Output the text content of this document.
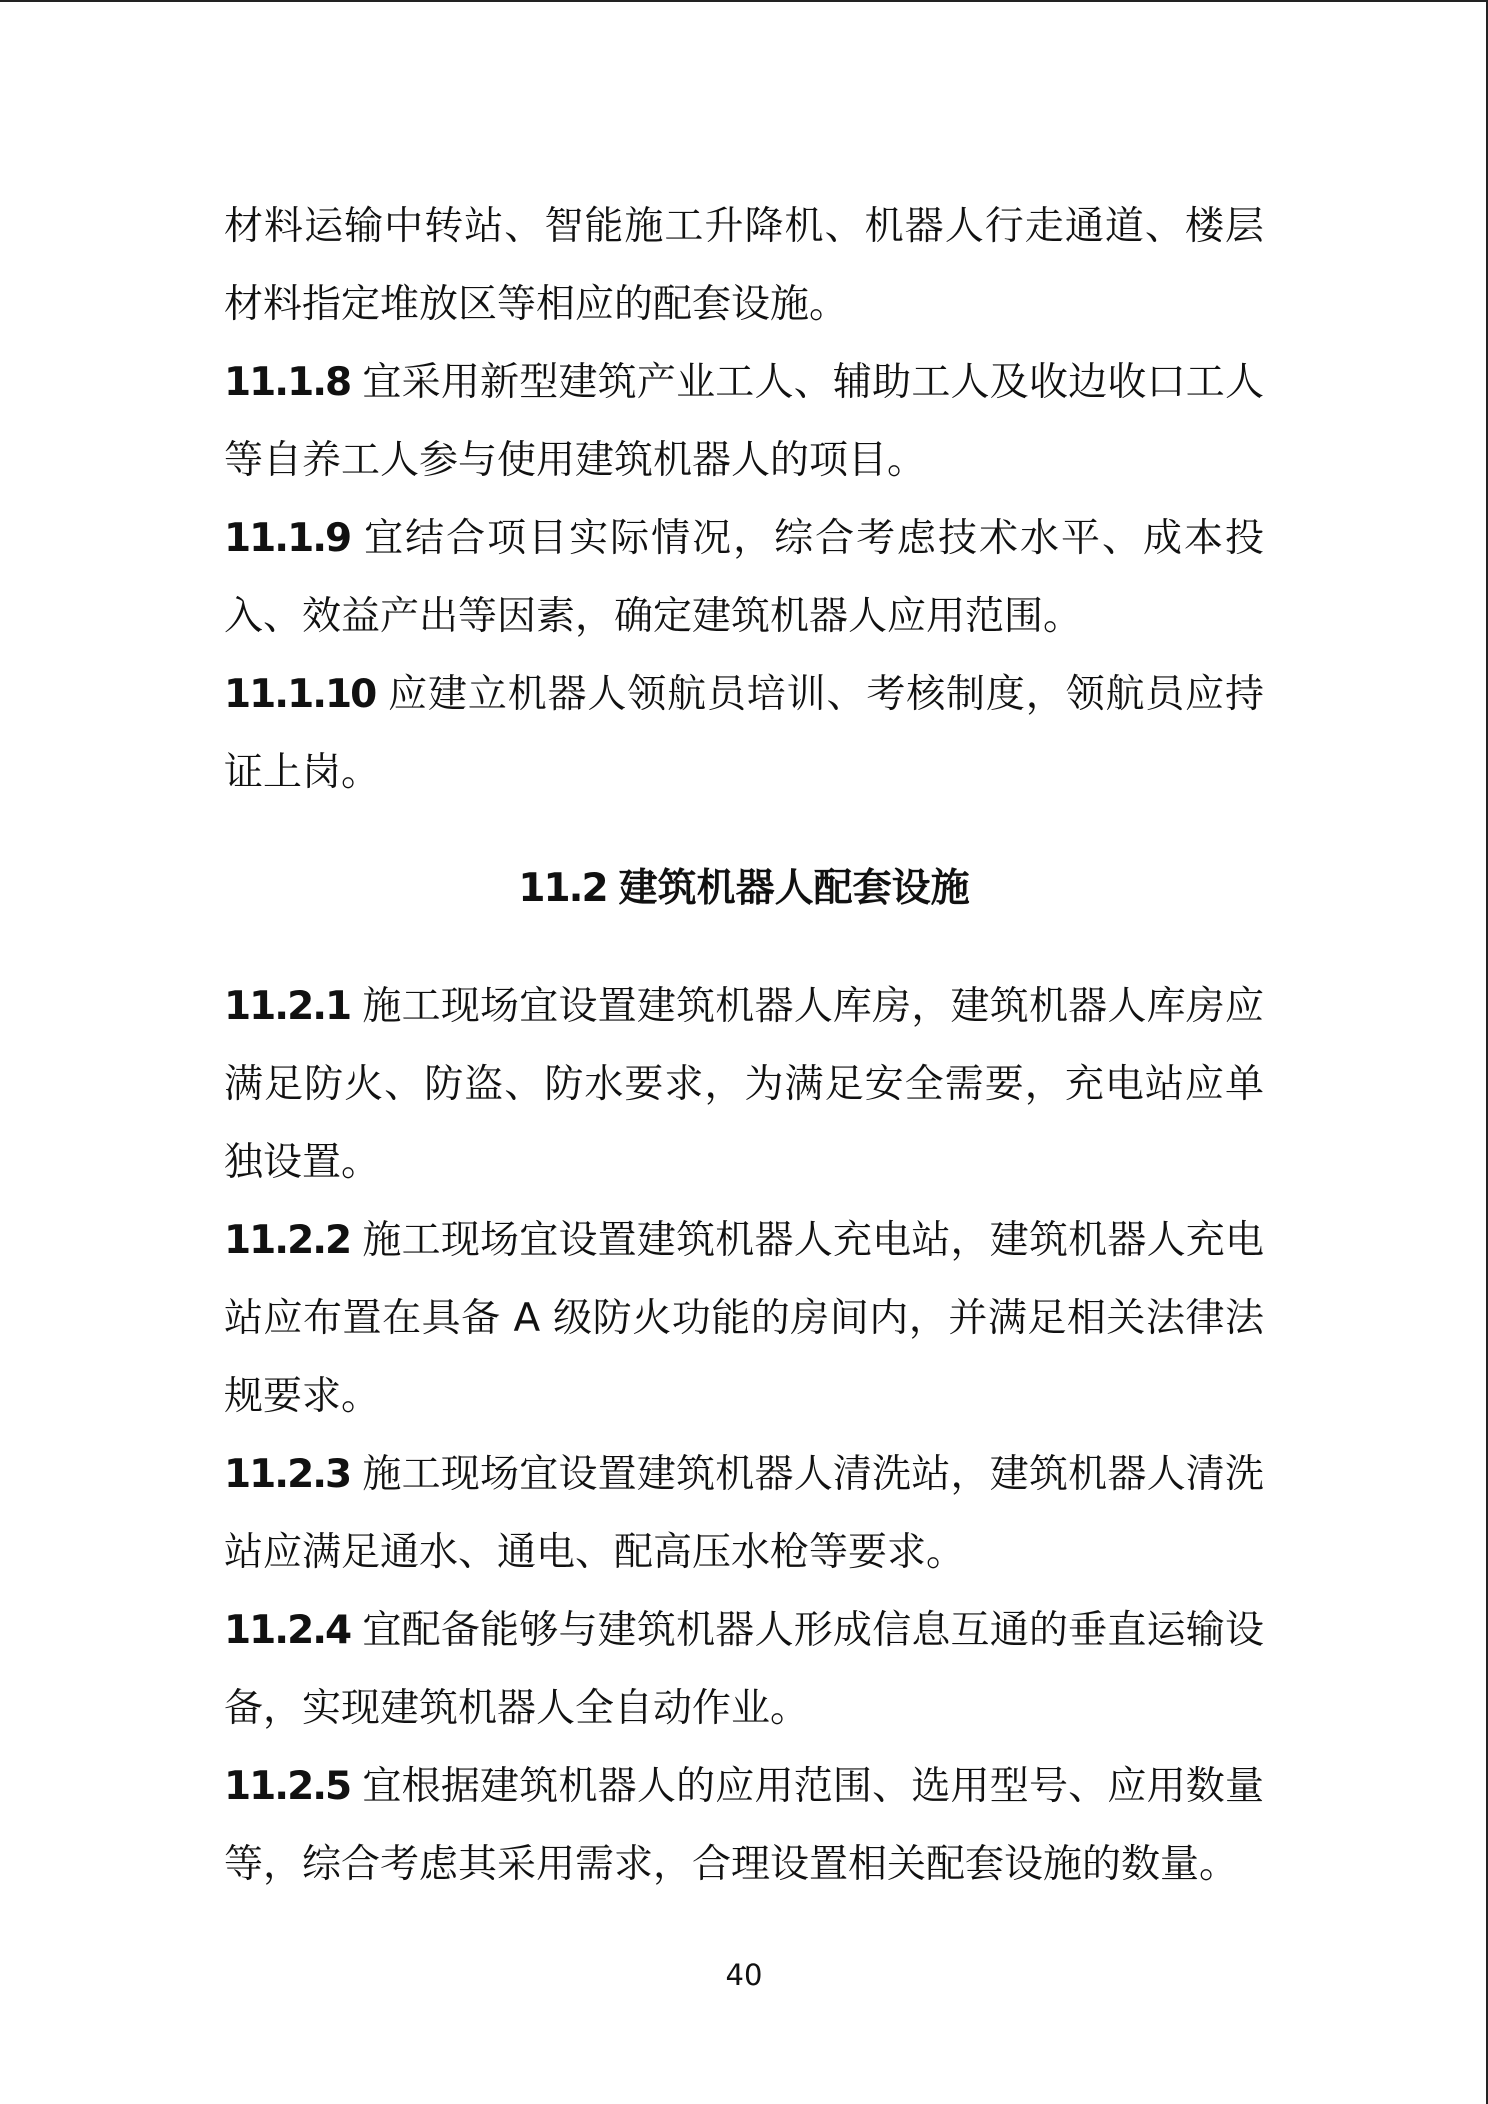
材料运输中转站、智能施工升降机、机器人行走通道、楼层材料指定堆放区等相应的配套设施。

11.1.8 宜采用新型建筑产业工人、辅助工人及收边收口工人等自养工人参与使用建筑机器人的项目。

11.1.9 宜结合项目实际情况，综合考虑技术水平、成本投入、效益产出等因素，确定建筑机器人应用范围。

11.1.10 应建立机器人领航员培训、考核制度，领航员应持证上岗。

11.2 建筑机器人配套设施

11.2.1 施工现场宜设置建筑机器人库房，建筑机器人库房应满足防火、防盗、防水要求，为满足安全需要，充电站应单独设置。

11.2.2 施工现场宜设置建筑机器人充电站，建筑机器人充电站应布置在具备 A 级防火功能的房间内，并满足相关法律法规要求。

11.2.3 施工现场宜设置建筑机器人清洗站，建筑机器人清洗站应满足通水、通电、配高压水枪等要求。

11.2.4 宜配备能够与建筑机器人形成信息互通的垂直运输设备，实现建筑机器人全自动作业。

11.2.5 宜根据建筑机器人的应用范围、选用型号、应用数量等，综合考虑其采用需求，合理设置相关配套设施的数量。

40
